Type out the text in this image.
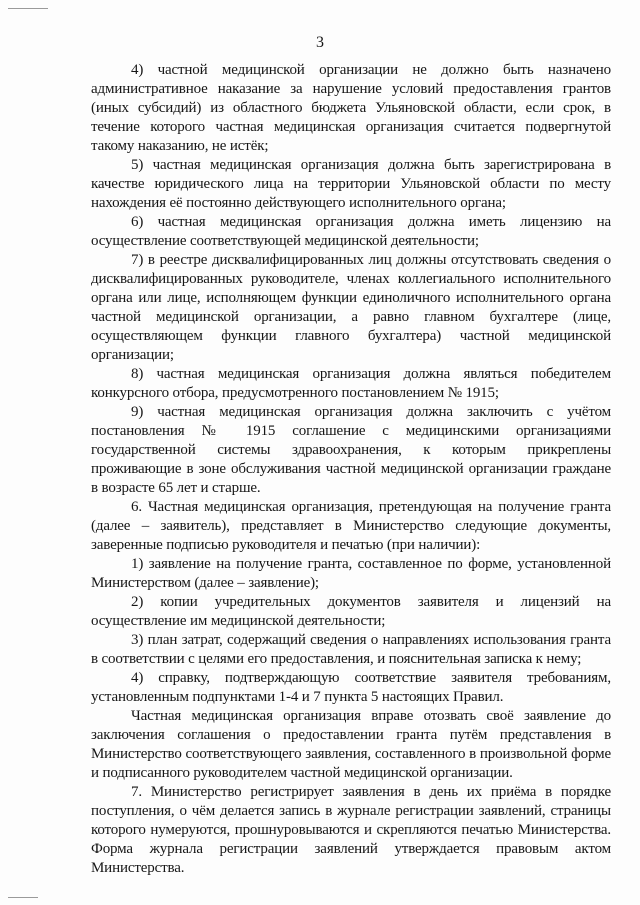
3

4) частной медицинской организации не должно быть назначено административное наказание за нарушение условий предоставления грантов (иных субсидий) из областного бюджета Ульяновской области, если срок, в течение которого частная медицинская организация считается подвергнутой такому наказанию, не истёк;

5) частная медицинская организация должна быть зарегистрирована в качестве юридического лица на территории Ульяновской области по месту нахождения её постоянно действующего исполнительного органа;

6) частная медицинская организация должна иметь лицензию на осуществление соответствующей медицинской деятельности;

7) в реестре дисквалифицированных лиц должны отсутствовать сведения о дисквалифицированных руководителе, членах коллегиального исполнительного органа или лице, исполняющем функции единоличного исполнительного органа частной медицинской организации, а равно главном бухгалтере (лице, осуществляющем функции главного бухгалтера) частной медицинской организации;

8) частная медицинская организация должна являться победителем конкурсного отбора, предусмотренного постановлением № 1915;

9) частная медицинская организация должна заключить с учётом постановления № 1915 соглашение с медицинскими организациями государственной системы здравоохранения, к которым прикреплены проживающие в зоне обслуживания частной медицинской организации граждане в возрасте 65 лет и старше.

6. Частная медицинская организация, претендующая на получение гранта (далее – заявитель), представляет в Министерство следующие документы, заверенные подписью руководителя и печатью (при наличии):

1) заявление на получение гранта, составленное по форме, установленной Министерством (далее – заявление);

2) копии учредительных документов заявителя и лицензий на осуществление им медицинской деятельности;

3) план затрат, содержащий сведения о направлениях использования гранта в соответствии с целями его предоставления, и пояснительная записка к нему;

4) справку, подтверждающую соответствие заявителя требованиям, установленным подпунктами 1-4 и 7 пункта 5 настоящих Правил.

Частная медицинская организация вправе отозвать своё заявление до заключения соглашения о предоставлении гранта путём представления в Министерство соответствующего заявления, составленного в произвольной форме и подписанного руководителем частной медицинской организации.

7. Министерство регистрирует заявления в день их приёма в порядке поступления, о чём делается запись в журнале регистрации заявлений, страницы которого нумеруются, прошнуровываются и скрепляются печатью Министерства. Форма журнала регистрации заявлений утверждается правовым актом Министерства.
